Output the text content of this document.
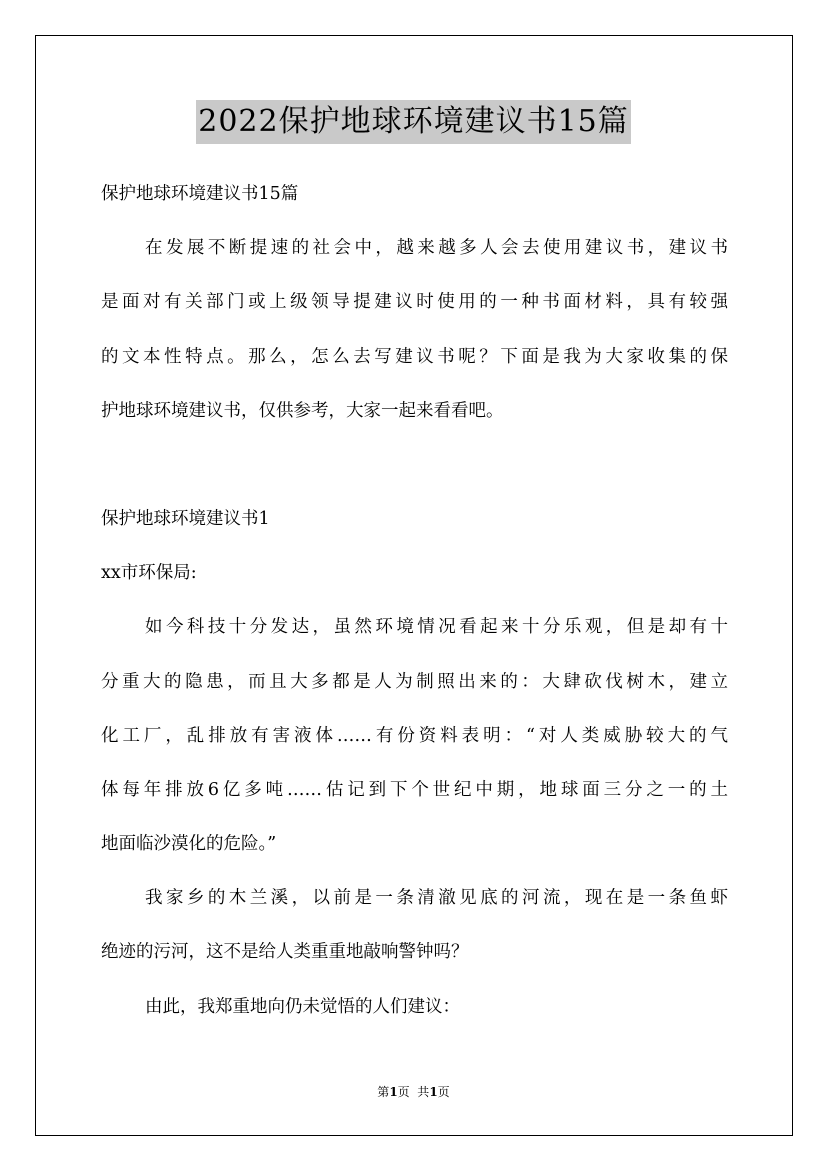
2022保护地球环境建议书15篇
保护地球环境建议书15篇
在发展不断提速的社会中，越来越多人会去使用建议书，建议书
是面对有关部门或上级领导提建议时使用的一种书面材料，具有较强
的文本性特点。那么，怎么去写建议书呢？下面是我为大家收集的保
护地球环境建议书，仅供参考，大家一起来看看吧。
保护地球环境建议书1
xx市环保局:
如今科技十分发达，虽然环境情况看起来十分乐观，但是却有十
分重大的隐患，而且大多都是人为制照出来的：大肆砍伐树木，建立
化工厂，乱排放有害液体……有份资料表明：“对人类威胁较大的气
体每年排放6亿多吨……估记到下个世纪中期，地球面三分之一的土
地面临沙漠化的危险。”
我家乡的木兰溪，以前是一条清澈见底的河流，现在是一条鱼虾
绝迹的污河，这不是给人类重重地敲响警钟吗？
由此，我郑重地向仍未觉悟的人们建议：
第1页  共1页
